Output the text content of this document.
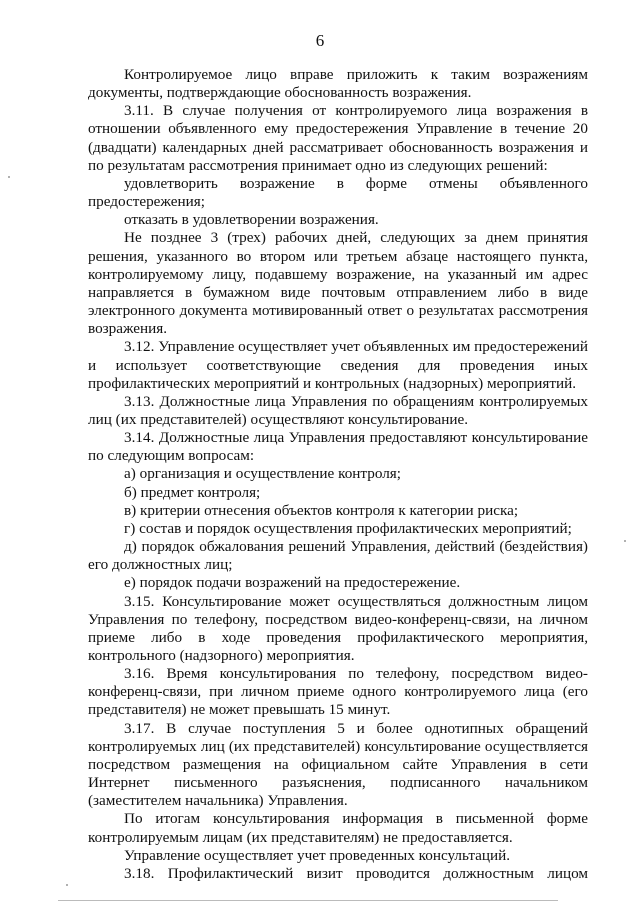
6

Контролируемое лицо вправе приложить к таким возражениям документы, подтверждающие обоснованность возражения.

3.11. В случае получения от контролируемого лица возражения в отношении объявленного ему предостережения Управление в течение 20 (двадцати) календарных дней рассматривает обоснованность возражения и по результатам рассмотрения принимает одно из следующих решений:

удовлетворить возражение в форме отмены объявленного предостережения;

отказать в удовлетворении возражения.

Не позднее 3 (трех) рабочих дней, следующих за днем принятия решения, указанного во втором или третьем абзаце настоящего пункта, контролируемому лицу, подавшему возражение, на указанный им адрес направляется в бумажном виде почтовым отправлением либо в виде электронного документа мотивированный ответ о результатах рассмотрения возражения.

3.12. Управление осуществляет учет объявленных им предостережений и использует соответствующие сведения для проведения иных профилактических мероприятий и контрольных (надзорных) мероприятий.

3.13. Должностные лица Управления по обращениям контролируемых лиц (их представителей) осуществляют консультирование.

3.14. Должностные лица Управления предоставляют консультирование по следующим вопросам:

а) организация и осуществление контроля;

б) предмет контроля;

в) критерии отнесения объектов контроля к категории риска;

г) состав и порядок осуществления профилактических мероприятий;

д) порядок обжалования решений Управления, действий (бездействия) его должностных лиц;

е) порядок подачи возражений на предостережение.

3.15. Консультирование может осуществляться должностным лицом Управления по телефону, посредством видео-конференц-связи, на личном приеме либо в ходе проведения профилактического мероприятия, контрольного (надзорного) мероприятия.

3.16. Время консультирования по телефону, посредством видео-конференц-связи, при личном приеме одного контролируемого лица (его представителя) не может превышать 15 минут.

3.17. В случае поступления 5 и более однотипных обращений контролируемых лиц (их представителей) консультирование осуществляется посредством размещения на официальном сайте Управления в сети Интернет письменного разъяснения, подписанного начальником (заместителем начальника) Управления.

По итогам консультирования информация в письменной форме контролируемым лицам (их представителям) не предоставляется.

Управление осуществляет учет проведенных консультаций.

3.18. Профилактический визит проводится должностным лицом
